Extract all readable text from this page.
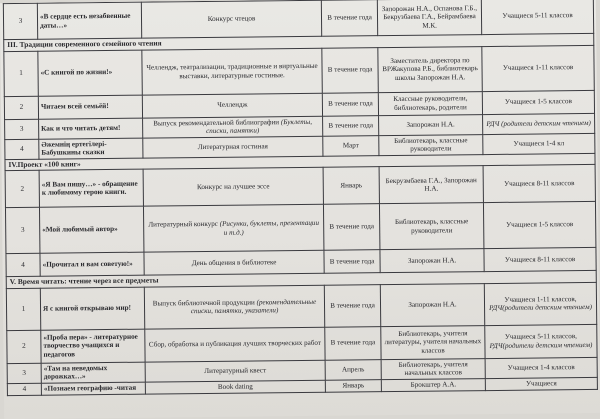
3	«В сердце есть незабвенные даты…»	Конкурс чтецов	В течение года	Запорожан Н.А., Оспанова Г.Б., Бекрузбаева Г.А., Бейрамбаева М.К.	Учащиеся 5-11 классов
III. Традиции современного семейного чтения					
1	«С книгой по жизни!»	Челлендж, театрализации, традиционные и виртуальные выставки, литературные гостиные.	В течение года	Заместитель директора по ВРЖакупова Р.Б., библиотекарь школы Запорожан Н.А.	Учащиеся 1-11 классов

2	Читаем всей семьёй!	Челлендж	В течение года	Классные руководители, библиотекарь, родители	Учащиеся 1-5 классов

3	Как и что читать детям!	Выпуск рекомендательной библиографии (Буклеты, списки, памятки)	В течение года	Запорожан Н.А.	РДЧ (родители детским чтением)

4	Әжемнің ертегілері- Бабушкины сказки	Литературная гостиная	Март	Библиотекарь, классные руководители	Учащиеся 1-4 кл

IV.Проект «100 книг»					
2	«Я Вам пишу…» - обращение к любимому герою книги.	Конкурс на лучшее эссе	Январь	Бекрузмбаева Г.А., Запорожан Н.А.	Учащиеся 8-11 классов

3	«Мой любимый автор»	Литературный конкурс (Рисунки, буклеты, презентации и т.д.)	В течение года	Библиотекарь, классные руководители	Учащиеся 1-5 классов

4	«Прочитал и вам советую!»	День общения в библиотеке	В течение года	Запорожан Н.А.	Учащиеся 8-11 классов

V. Время читать: чтение через все предметы					
1	Я с книгой открываю мир!	Выпуск библиотечной продукции (рекомендательные списки, памятки, указатели)	В течение года	Запорожан Н.А.	Учащиеся 1-11 классов,
РДЧ(родители детским чтением)

2	«Проба пера» - литературное творчество учащихся и педагогов	Сбор, обработка и публикация лучших творческих работ	В течение года	Библиотекарь, учителя литературы, учителя начальных классов	Учащиеся 5-11 классов,
РДЧ(родители детским чтением)

3	«Там на неведомых дорожках…»	Литературный квест	Апрель	Библиотекарь, учителя начальных классов	Учащиеся 1-4 классов

4	«Познаем географию -читая	Book dating	Январь	Брокштер А.А.	Учащиеся
